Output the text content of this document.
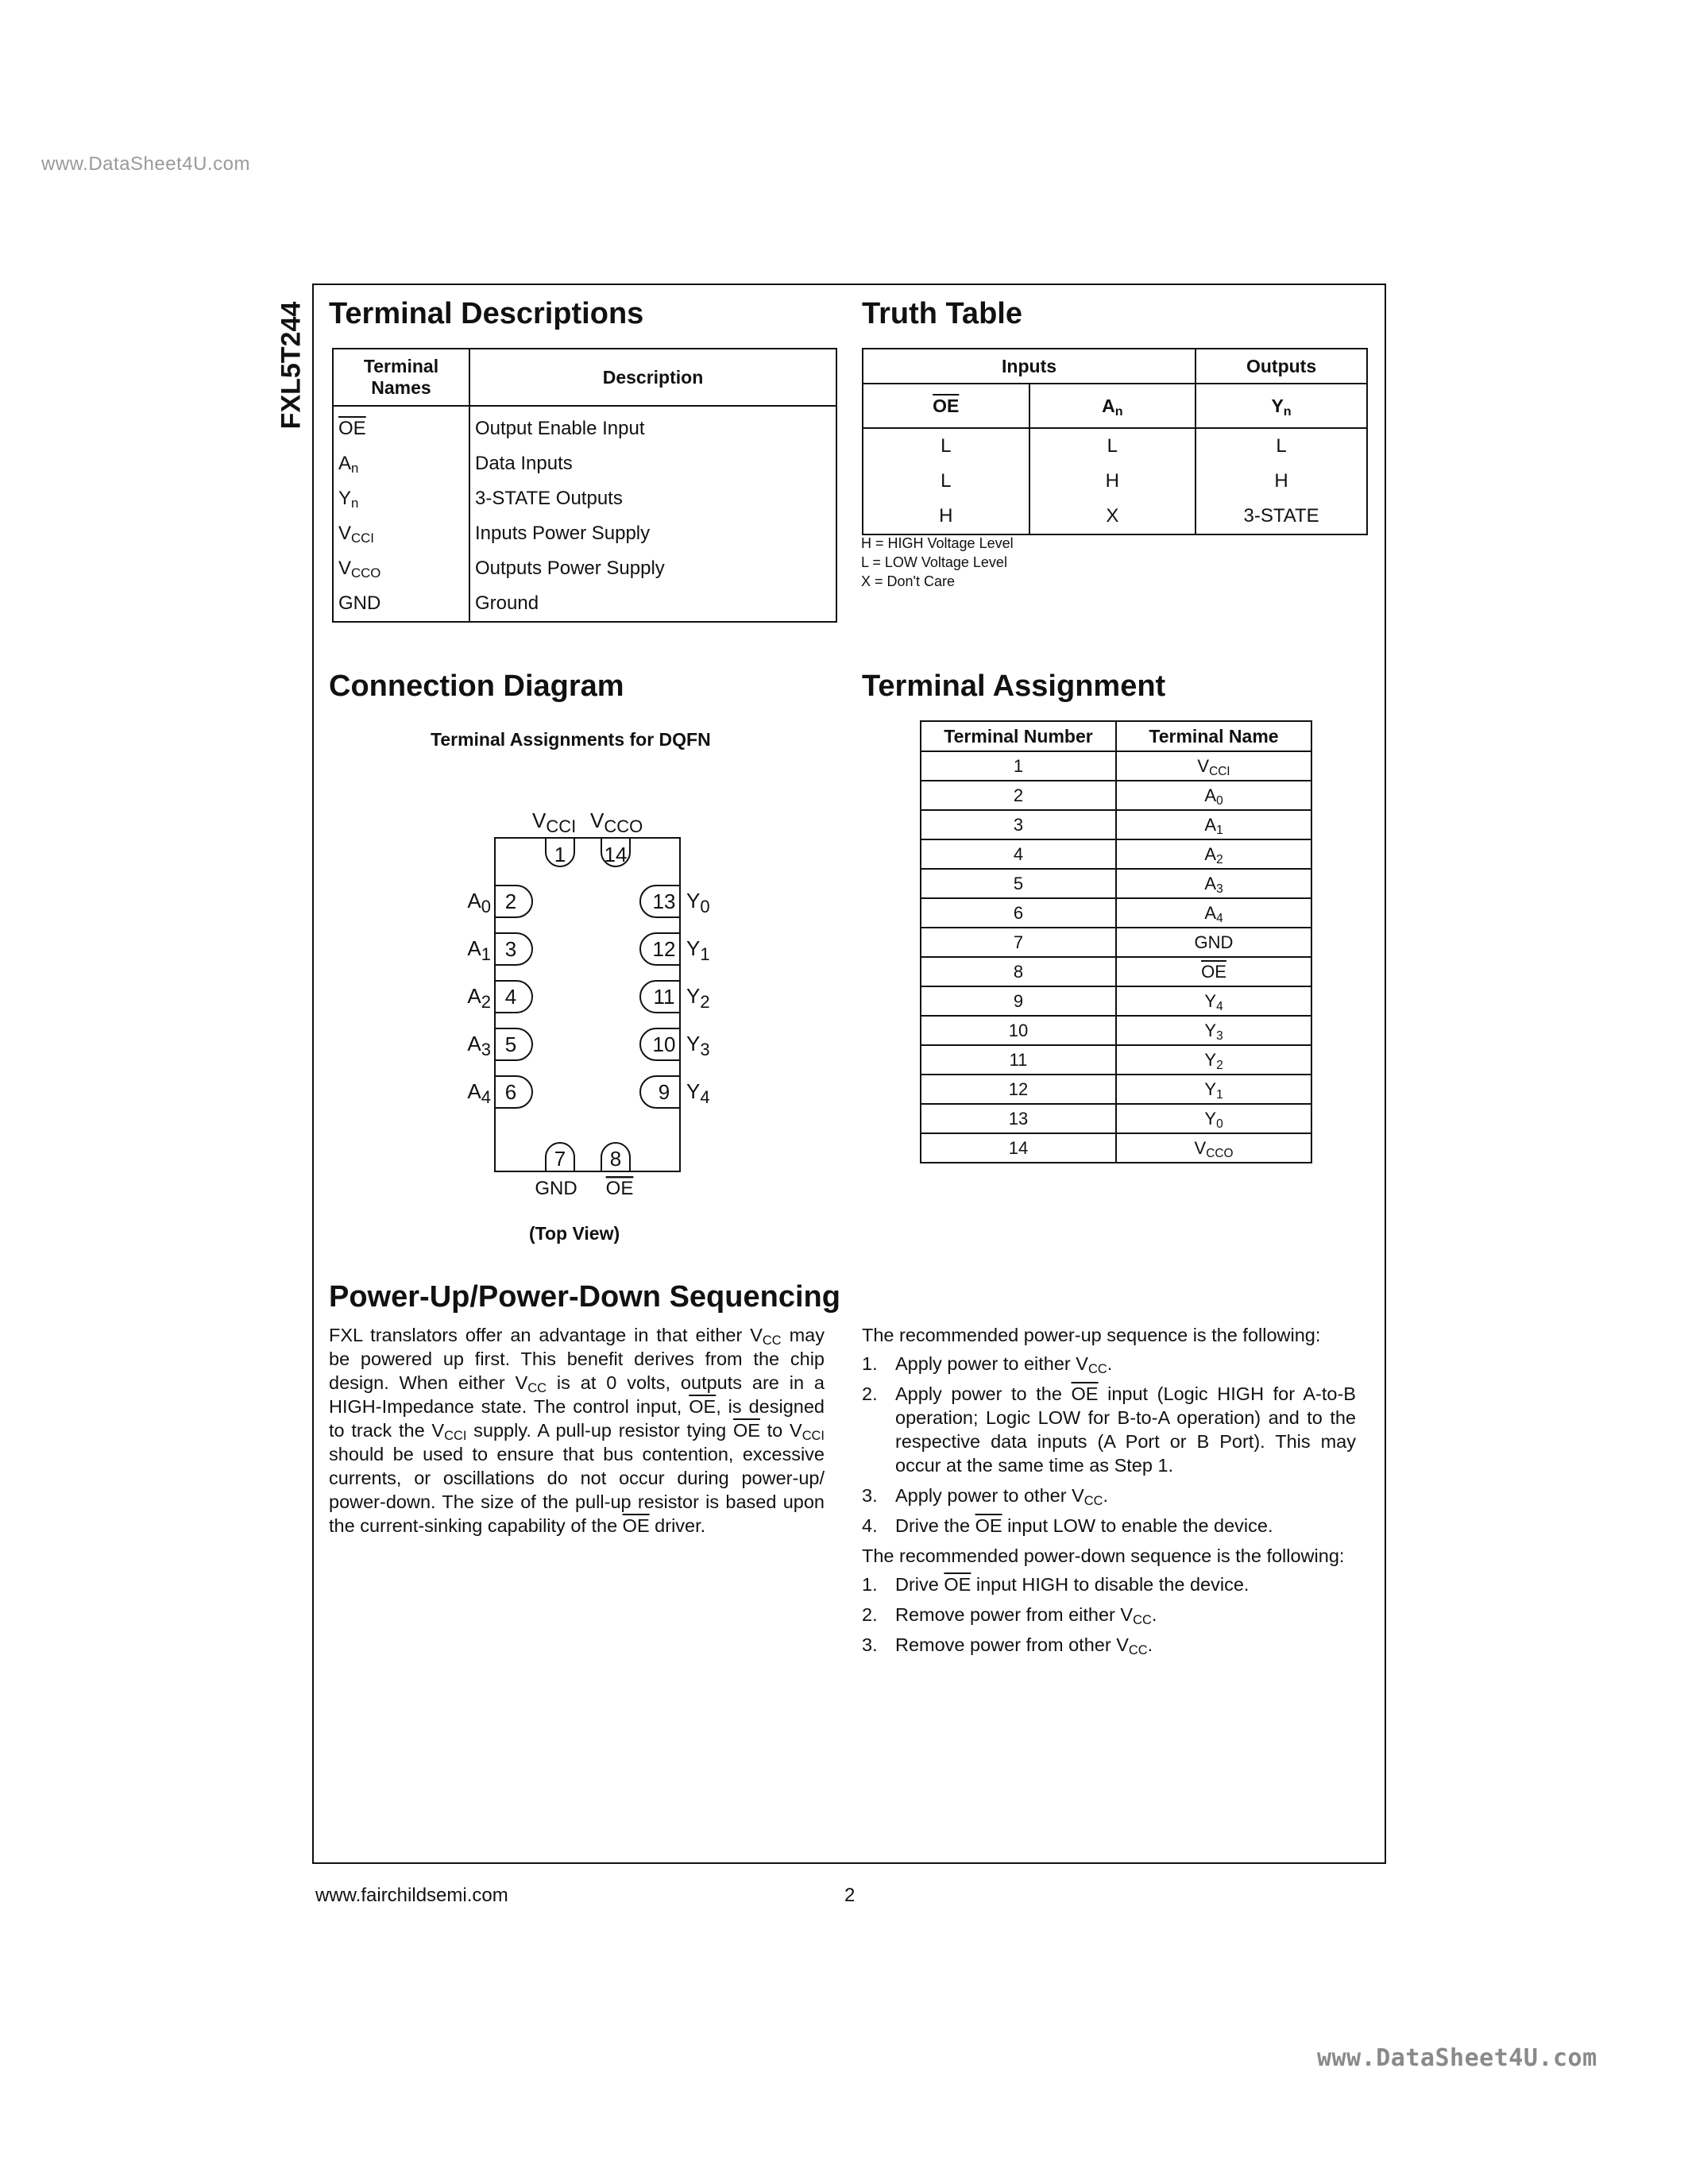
www.DataSheet4U.com
www.DataSheet4U.com
FXL5T244 Terminal Descriptions
Terminal Names	Description
$\overline{OE}$	Output Enable Input
$A_n$	Data Inputs
$Y_n$	3-STATE Outputs
$V_{CCI}$	Inputs Power Supply
$V_{CCO}$	Outputs Power Supply
GND	Ground
Truth Table
Inputs		Outputs
$\overline{OE}$	$A_n$	$Y_n$
L	L	L
L	H	H
H	X	3-STATE
H = HIGH Voltage Level
L = LOW Voltage Level
X = Don't Care
Connection Diagram
Terminal Assignments for DQFN
2
$A_0$
3
$A_1$
4
$A_2$
5
$A_3$
6
$A_4$
13 $Y_0$
12 $Y_1$
11 $Y_2$
10 $Y_3$
9 $Y_4$
1 14
$V_{CCI}$ $V_{CCO}$
7
GND
8
OE
(Top View)
Terminal Assignment
Terminal Number	Terminal Name
1	$V_{CCI}$
2	$A_0$
3	$A_1$
4	$A_2$
5	$A_3$
6	$A_4$
7	GND
8	$\overline{OE}$
9	$Y_4$
10	$Y_3$
11	$Y_2$
12	$Y_1$
13	$Y_0$
14	$V_{CCO}$
Power-Up/Power-Down Sequencing
FXL translators offer an advantage in that either $V_{CC}$ may be powered up first. This benefit derives from the chip design. When either $V_{CC}$ is at 0 volts, outputs are in a HIGH-Impedance state. The control input, $\overline{OE}$, is designed to track the $V_{CCI}$ supply. A pull-up resistor tying $\overline{OE}$ to $V_{CCI}$ should be used to ensure that bus contention, excessive currents, or oscillations do not occur during power-up/ power-down. The size of the pull-up resistor is based upon the current-sinking capability of the $\overline{OE}$ driver.
The recommended power-up sequence is the following:
1. Apply power to either $V_{CC}$.
2. Apply power to the $\overline{OE}$ input (Logic HIGH for A-to-B operation; Logic LOW for B-to-A operation) and to the respective data inputs (A Port or B Port). This may occur at the same time as Step 1.
3. Apply power to other $V_{CC}$.
4. Drive the $\overline{OE}$ input LOW to enable the device.
The recommended power-down sequence is the following:
1. Drive $\overline{OE}$ input HIGH to disable the device.
2. Remove power from either $V_{CC}$.
3. Remove power from other $V_{CC}$.
www.fairchildsemi.com	2
